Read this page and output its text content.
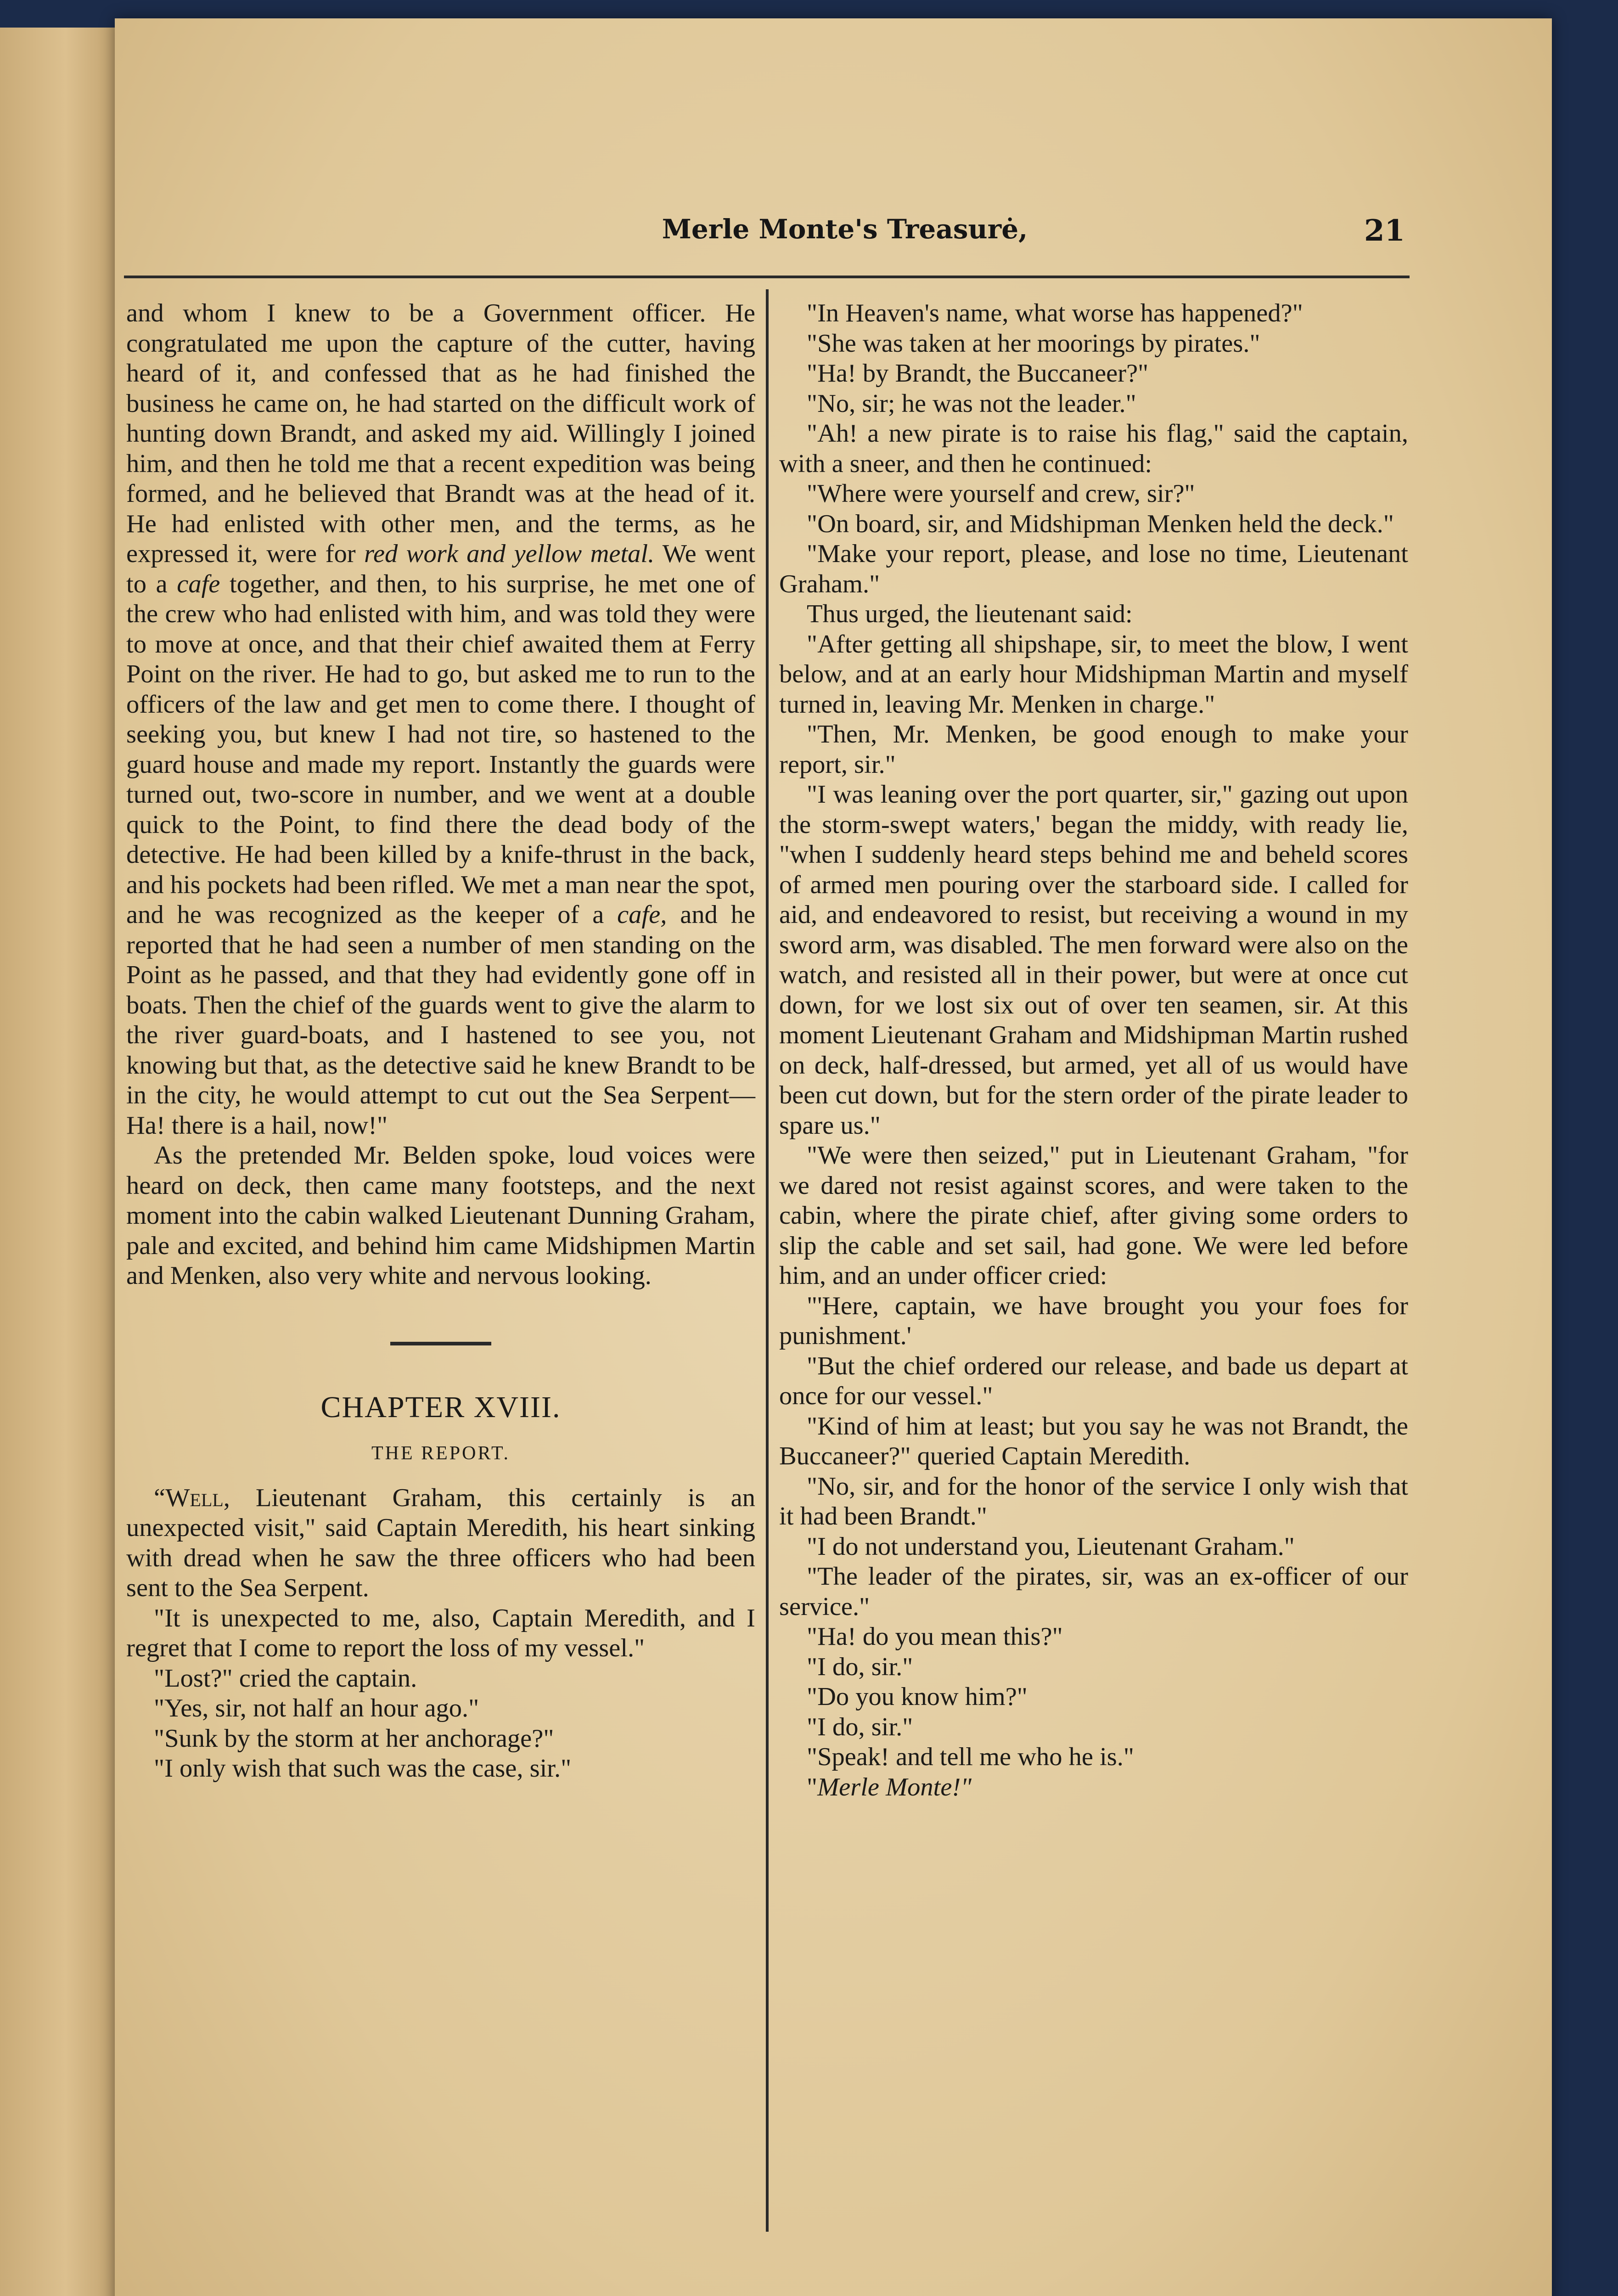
Merle Monte's Treasurė,	21

and whom I knew to be a Government officer. He congratulated me upon the capture of the cutter, having heard of it, and confessed that as he had finished the business he came on, he had started on the difficult work of hunting down Brandt, and asked my aid. Willingly I joined him, and then he told me that a recent expedition was being formed, and he believed that Brandt was at the head of it. He had enlisted with other men, and the terms, as he expressed it, were for red work and yellow metal. We went to a cafe together, and then, to his surprise, he met one of the crew who had enlisted with him, and was told they were to move at once, and that their chief awaited them at Ferry Point on the river. He had to go, but asked me to run to the officers of the law and get men to come there. I thought of seeking you, but knew I had not tire, so hastened to the guard house and made my report. Instantly the guards were turned out, two-score in number, and we went at a double quick to the Point, to find there the dead body of the detective. He had been killed by a knife-thrust in the back, and his pockets had been rifled. We met a man near the spot, and he was recognized as the keeper of a cafe, and he reported that he had seen a number of men standing on the Point as he passed, and that they had evidently gone off in boats. Then the chief of the guards went to give the alarm to the river guard-boats, and I hastened to see you, not knowing but that, as the detective said he knew Brandt to be in the city, he would attempt to cut out the Sea Serpent— Ha! there is a hail, now!"

As the pretended Mr. Belden spoke, loud voices were heard on deck, then came many footsteps, and the next moment into the cabin walked Lieutenant Dunning Graham, pale and excited, and behind him came Midshipmen Martin and Menken, also very white and nervous looking.

CHAPTER XVIII.
THE REPORT.

“Well, Lieutenant Graham, this certainly is an unexpected visit," said Captain Meredith, his heart sinking with dread when he saw the three officers who had been sent to the Sea Serpent.

"It is unexpected to me, also, Captain Meredith, and I regret that I come to report the loss of my vessel."

"Lost?" cried the captain.

"Yes, sir, not half an hour ago."

"Sunk by the storm at her anchorage?"

"I only wish that such was the case, sir."

"In Heaven's name, what worse has happened?"

"She was taken at her moorings by pirates."

"Ha! by Brandt, the Buccaneer?"

"No, sir; he was not the leader."

"Ah! a new pirate is to raise his flag," said the captain, with a sneer, and then he continued:

"Where were yourself and crew, sir?"

"On board, sir, and Midshipman Menken held the deck."

"Make your report, please, and lose no time, Lieutenant Graham."

Thus urged, the lieutenant said:

"After getting all shipshape, sir, to meet the blow, I went below, and at an early hour Midshipman Martin and myself turned in, leaving Mr. Menken in charge."

"Then, Mr. Menken, be good enough to make your report, sir."

"I was leaning over the port quarter, sir," gazing out upon the storm-swept waters,' began the middy, with ready lie, "when I suddenly heard steps behind me and beheld scores of armed men pouring over the starboard side. I called for aid, and endeavored to resist, but receiving a wound in my sword arm, was disabled. The men forward were also on the watch, and resisted all in their power, but were at once cut down, for we lost six out of over ten seamen, sir. At this moment Lieutenant Graham and Midshipman Martin rushed on deck, half-dressed, but armed, yet all of us would have been cut down, but for the stern order of the pirate leader to spare us."

"We were then seized," put in Lieutenant Graham, "for we dared not resist against scores, and were taken to the cabin, where the pirate chief, after giving some orders to slip the cable and set sail, had gone. We were led before him, and an under officer cried:

"'Here, captain, we have brought you your foes for punishment.'

"But the chief ordered our release, and bade us depart at once for our vessel."

"Kind of him at least; but you say he was not Brandt, the Buccaneer?" queried Captain Meredith.

"No, sir, and for the honor of the service I only wish that it had been Brandt."

"I do not understand you, Lieutenant Graham."

"The leader of the pirates, sir, was an ex-officer of our service."

"Ha! do you mean this?"

"I do, sir."

"Do you know him?"

"I do, sir."

"Speak! and tell me who he is."

"Merle Monte!"
